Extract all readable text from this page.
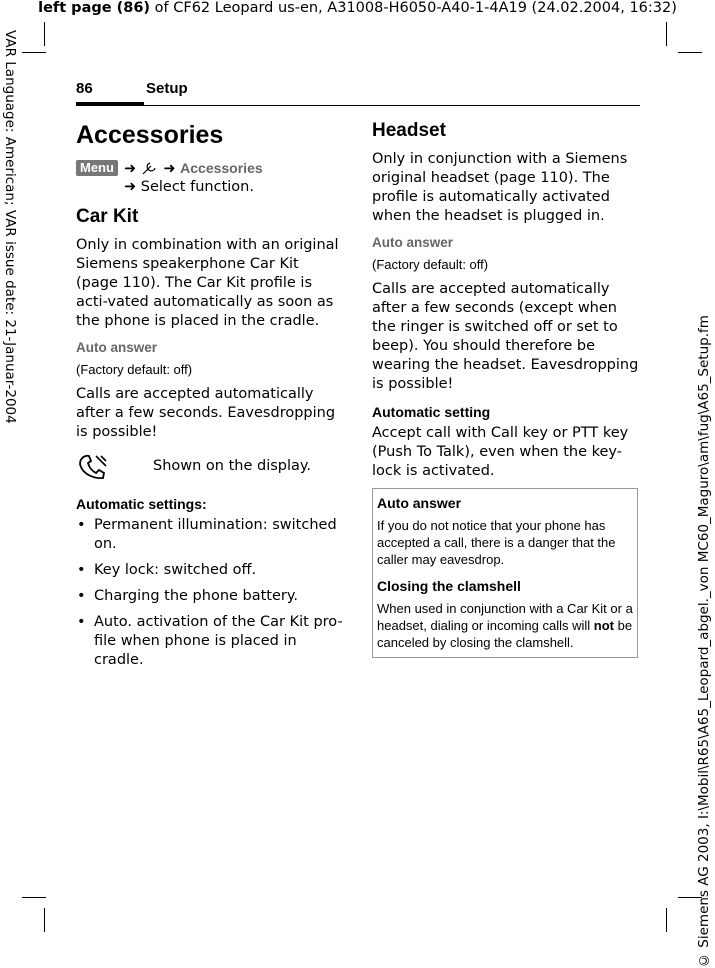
left page (86) of CF62 Leopard us-en, A31008-H6050-A40-1-4A19 (24.02.2004, 16:32)
VAR Language: American; VAR issue date: 21-Januar-2004
© Siemens AG 2003, I:\Mobil\R65\A65_Leopard_abgel._von MC60_Maguro\am\fug\A65_Setup.fm
86	Setup
Accessories
Menu ➜ ➜ Accessories
➜ Select function.
Car Kit

Only in combination with an original Siemens speakerphone Car Kit (page 110). The Car Kit profile is acti-vated automatically as soon as the phone is placed in the cradle.

Auto answer

(Factory default: off)

Calls are accepted automatically after a few seconds. Eavesdropping is possible!

Shown on the display.

Automatic settings:

• Permanent illumination: switched on.
• Key lock: switched off.
• Charging the phone battery.
• Auto. activation of the Car Kit pro-file when phone is placed in cradle.
Headset

Only in conjunction with a Siemens original headset (page 110). The profile is automatically activated when the headset is plugged in.

Auto answer

(Factory default: off)

Calls are accepted automatically after a few seconds (except when the ringer is switched off or set to beep). You should therefore be wearing the headset. Eavesdropping is possible!

Automatic setting

Accept call with Call key or PTT key (Push To Talk), even when the key-lock is activated.

Auto answer

If you do not notice that your phone has accepted a call, there is a danger that the caller may eavesdrop.

Closing the clamshell

When used in conjunction with a Car Kit or a headset, dialing or incoming calls will not be canceled by closing the clamshell.
